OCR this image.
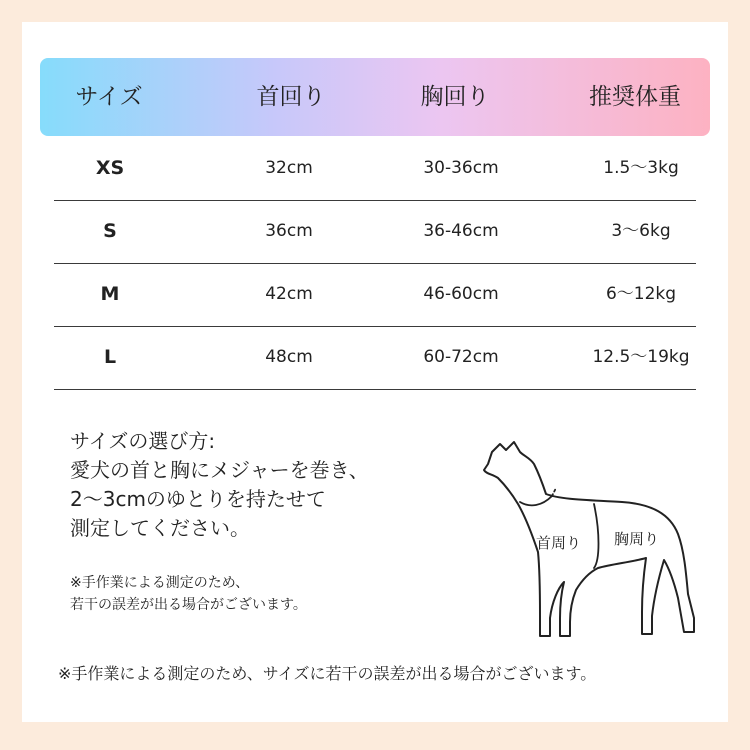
サイズ	首回り	胸回り	推奨体重
XS	32cm	30-36cm	1.5〜3kg
S	36cm	36-46cm	3〜6kg
M	42cm	46-60cm	6〜12kg
L	48cm	60-72cm	12.5〜19kg

サイズの選び方:

愛犬の首と胸にメジャーを巻き、

2〜3cmのゆとりを持たせて

測定してください。

※手作業による測定のため、

若干の誤差が出る場合がございます。

首周り 胸周り
※手作業による測定のため、サイズに若干の誤差が出る場合がございます。
